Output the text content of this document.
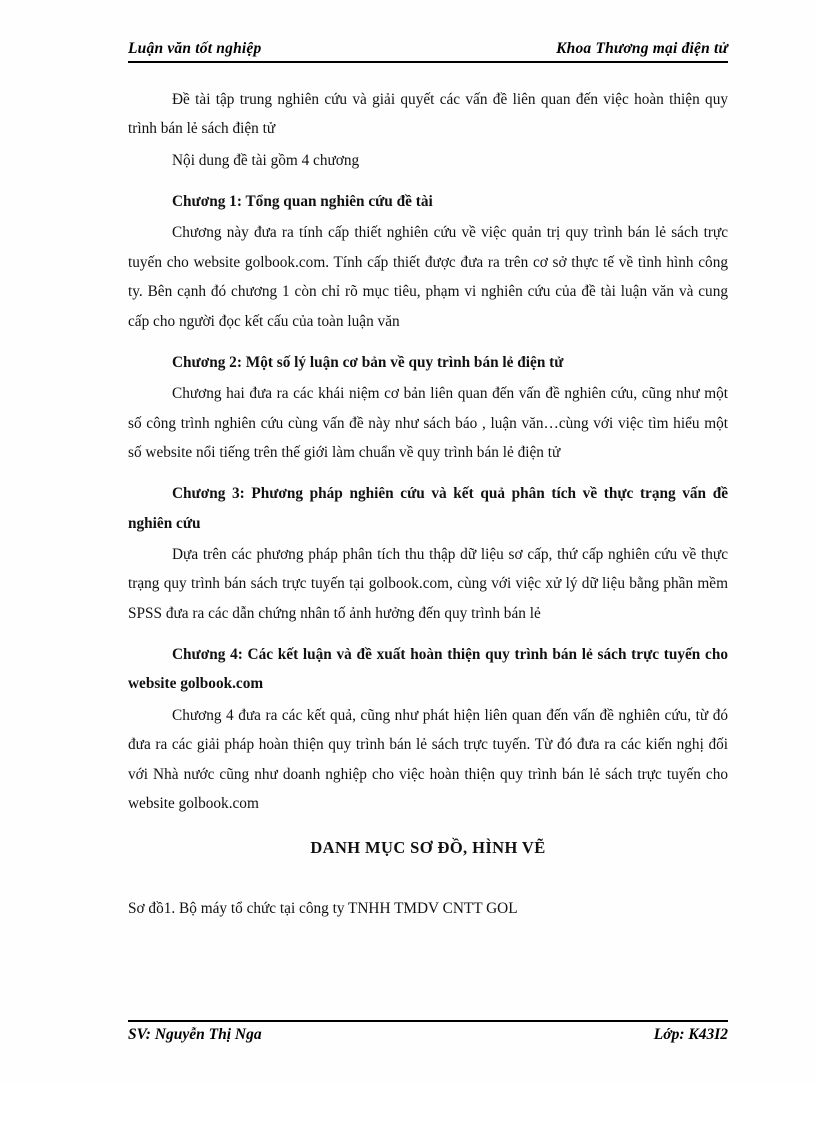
Luận văn tốt nghiệp	Khoa Thương mại điện tử

Đề tài tập trung nghiên cứu và giải quyết các vấn đề liên quan đến việc hoàn thiện quy trình bán lẻ sách điện tử

Nội dung đề tài gồm 4 chương

Chương 1: Tổng quan nghiên cứu đề tài

Chương này đưa ra tính cấp thiết nghiên cứu về việc quản trị quy trình bán lẻ sách trực tuyến cho website golbook.com. Tính cấp thiết được đưa ra trên cơ sở thực tế về tình hình công ty. Bên cạnh đó chương 1 còn chỉ rõ mục tiêu, phạm vi nghiên cứu của đề tài luận văn và cung cấp cho người đọc kết cấu của toàn luận văn

Chương 2: Một số lý luận cơ bản về quy trình bán lẻ điện tử

Chương hai đưa ra các khái niệm cơ bản liên quan đến vấn đề nghiên cứu, cũng như một số công trình nghiên cứu cùng vấn đề này như sách báo , luận văn…cùng với việc tìm hiểu một số website nổi tiếng trên thế giới làm chuẩn về quy trình bán lẻ điện tử

Chương 3: Phương pháp nghiên cứu và kết quả phân tích về thực trạng vấn đề nghiên cứu

Dựa trên các phương pháp phân tích thu thập dữ liệu sơ cấp, thứ cấp nghiên cứu về thực trạng quy trình bán sách trực tuyến tại golbook.com, cùng với việc xử lý dữ liệu bằng phần mềm SPSS đưa ra các dẫn chứng nhân tố ảnh hưởng đến quy trình bán lẻ

Chương 4: Các kết luận và đề xuất hoàn thiện quy trình bán lẻ sách trực tuyến cho website golbook.com

Chương 4 đưa ra các kết quả, cũng như phát hiện liên quan đến vấn đề nghiên cứu, từ đó đưa ra các giải pháp hoàn thiện quy trình bán lẻ sách trực tuyến. Từ đó đưa ra các kiến nghị đối với Nhà nước cũng như doanh nghiệp cho việc hoàn thiện quy trình bán lẻ sách trực tuyến cho website golbook.com

DANH MỤC SƠ ĐỒ, HÌNH VẼ

Sơ đồ1. Bộ máy tổ chức tại công ty TNHH TMDV CNTT GOL

SV: Nguyễn Thị Nga	Lớp: K43I2
